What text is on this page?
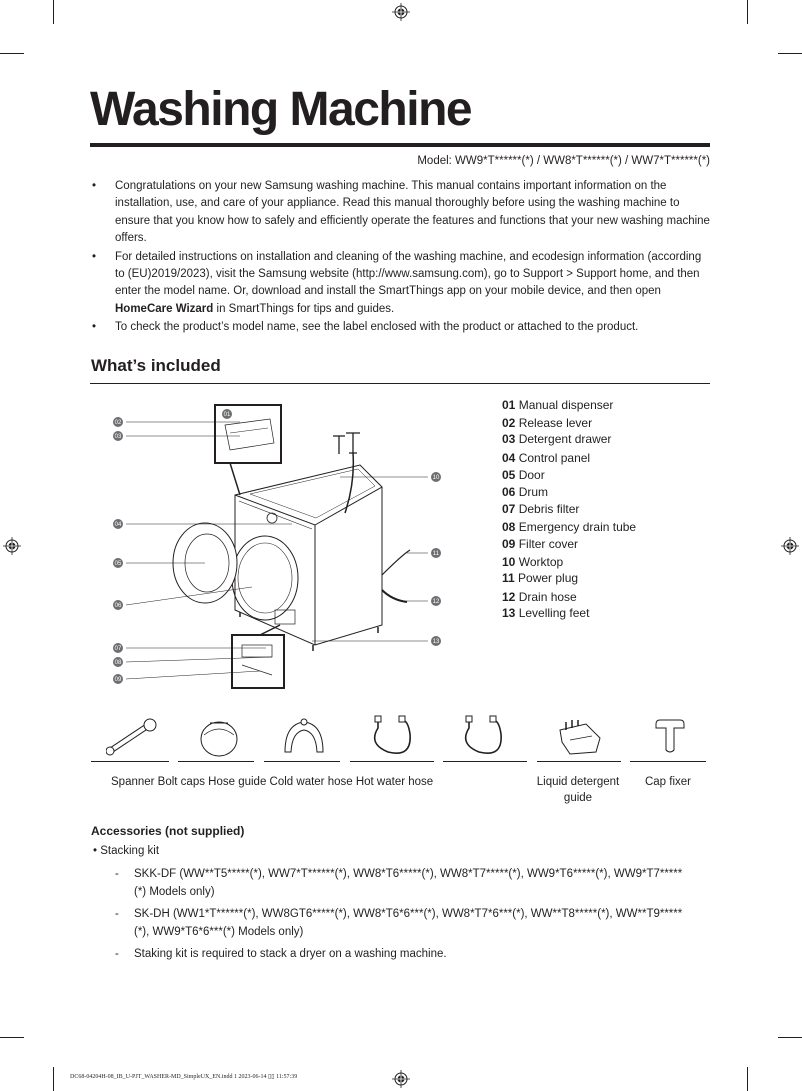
Washing Machine
Model: WW9*T******(*) / WW8*T******(*) / WW7*T******(*)
• Congratulations on your new Samsung washing machine. This manual contains important information on the installation, use, and care of your appliance. Read this manual thoroughly before using the washing machine to ensure that you know how to safely and efficiently operate the features and functions that your new washing machine offers.
• For detailed instructions on installation and cleaning of the washing machine, and ecodesign information (according to (EU)2019/2023), visit the Samsung website (http://www.samsung.com), go to Support > Support home, and then enter the model name. Or, download and install the SmartThings app on your mobile device, and then open HomeCare Wizard in SmartThings for tips and guides.
• To check the product’s model name, see the label enclosed with the product or attached to the product.
What’s included
01
02
03
04
05
06
07
08
09
10
11
12
13
01 Manual dispenser
02 Release lever
03 Detergent drawer
04 Control panel
05 Door
06 Drum
07 Debris filter
08 Emergency drain tube
09 Filter cover
10 Worktop
11 Power plug
12 Drain hose
13 Levelling feet
Spanner Bolt caps Hose guide Cold water hose Hot water hose	Liquid detergent guide
Cap fixer
Accessories (not supplied)
• Stacking kit
- SKK-DF (WW**T5*****(*), WW7*T******(*), WW8*T6*****(*), WW8*T7*****(*), WW9*T6*****(*), WW9*T7*****(*) Models only)
- SK-DH (WW1*T******(*), WW8GT6*****(*), WW8*T6*6***(*), WW8*T7*6***(*), WW**T8*****(*), WW**T9*****(*), WW9*T6*6***(*) Models only)
- Staking kit is required to stack a dryer on a washing machine.
DC68-04204H-08_IB_U-PJT_WASHER-MD_SimpleUX_EN.indd 1 2023-06-14 ▯▯ 11:57:39
